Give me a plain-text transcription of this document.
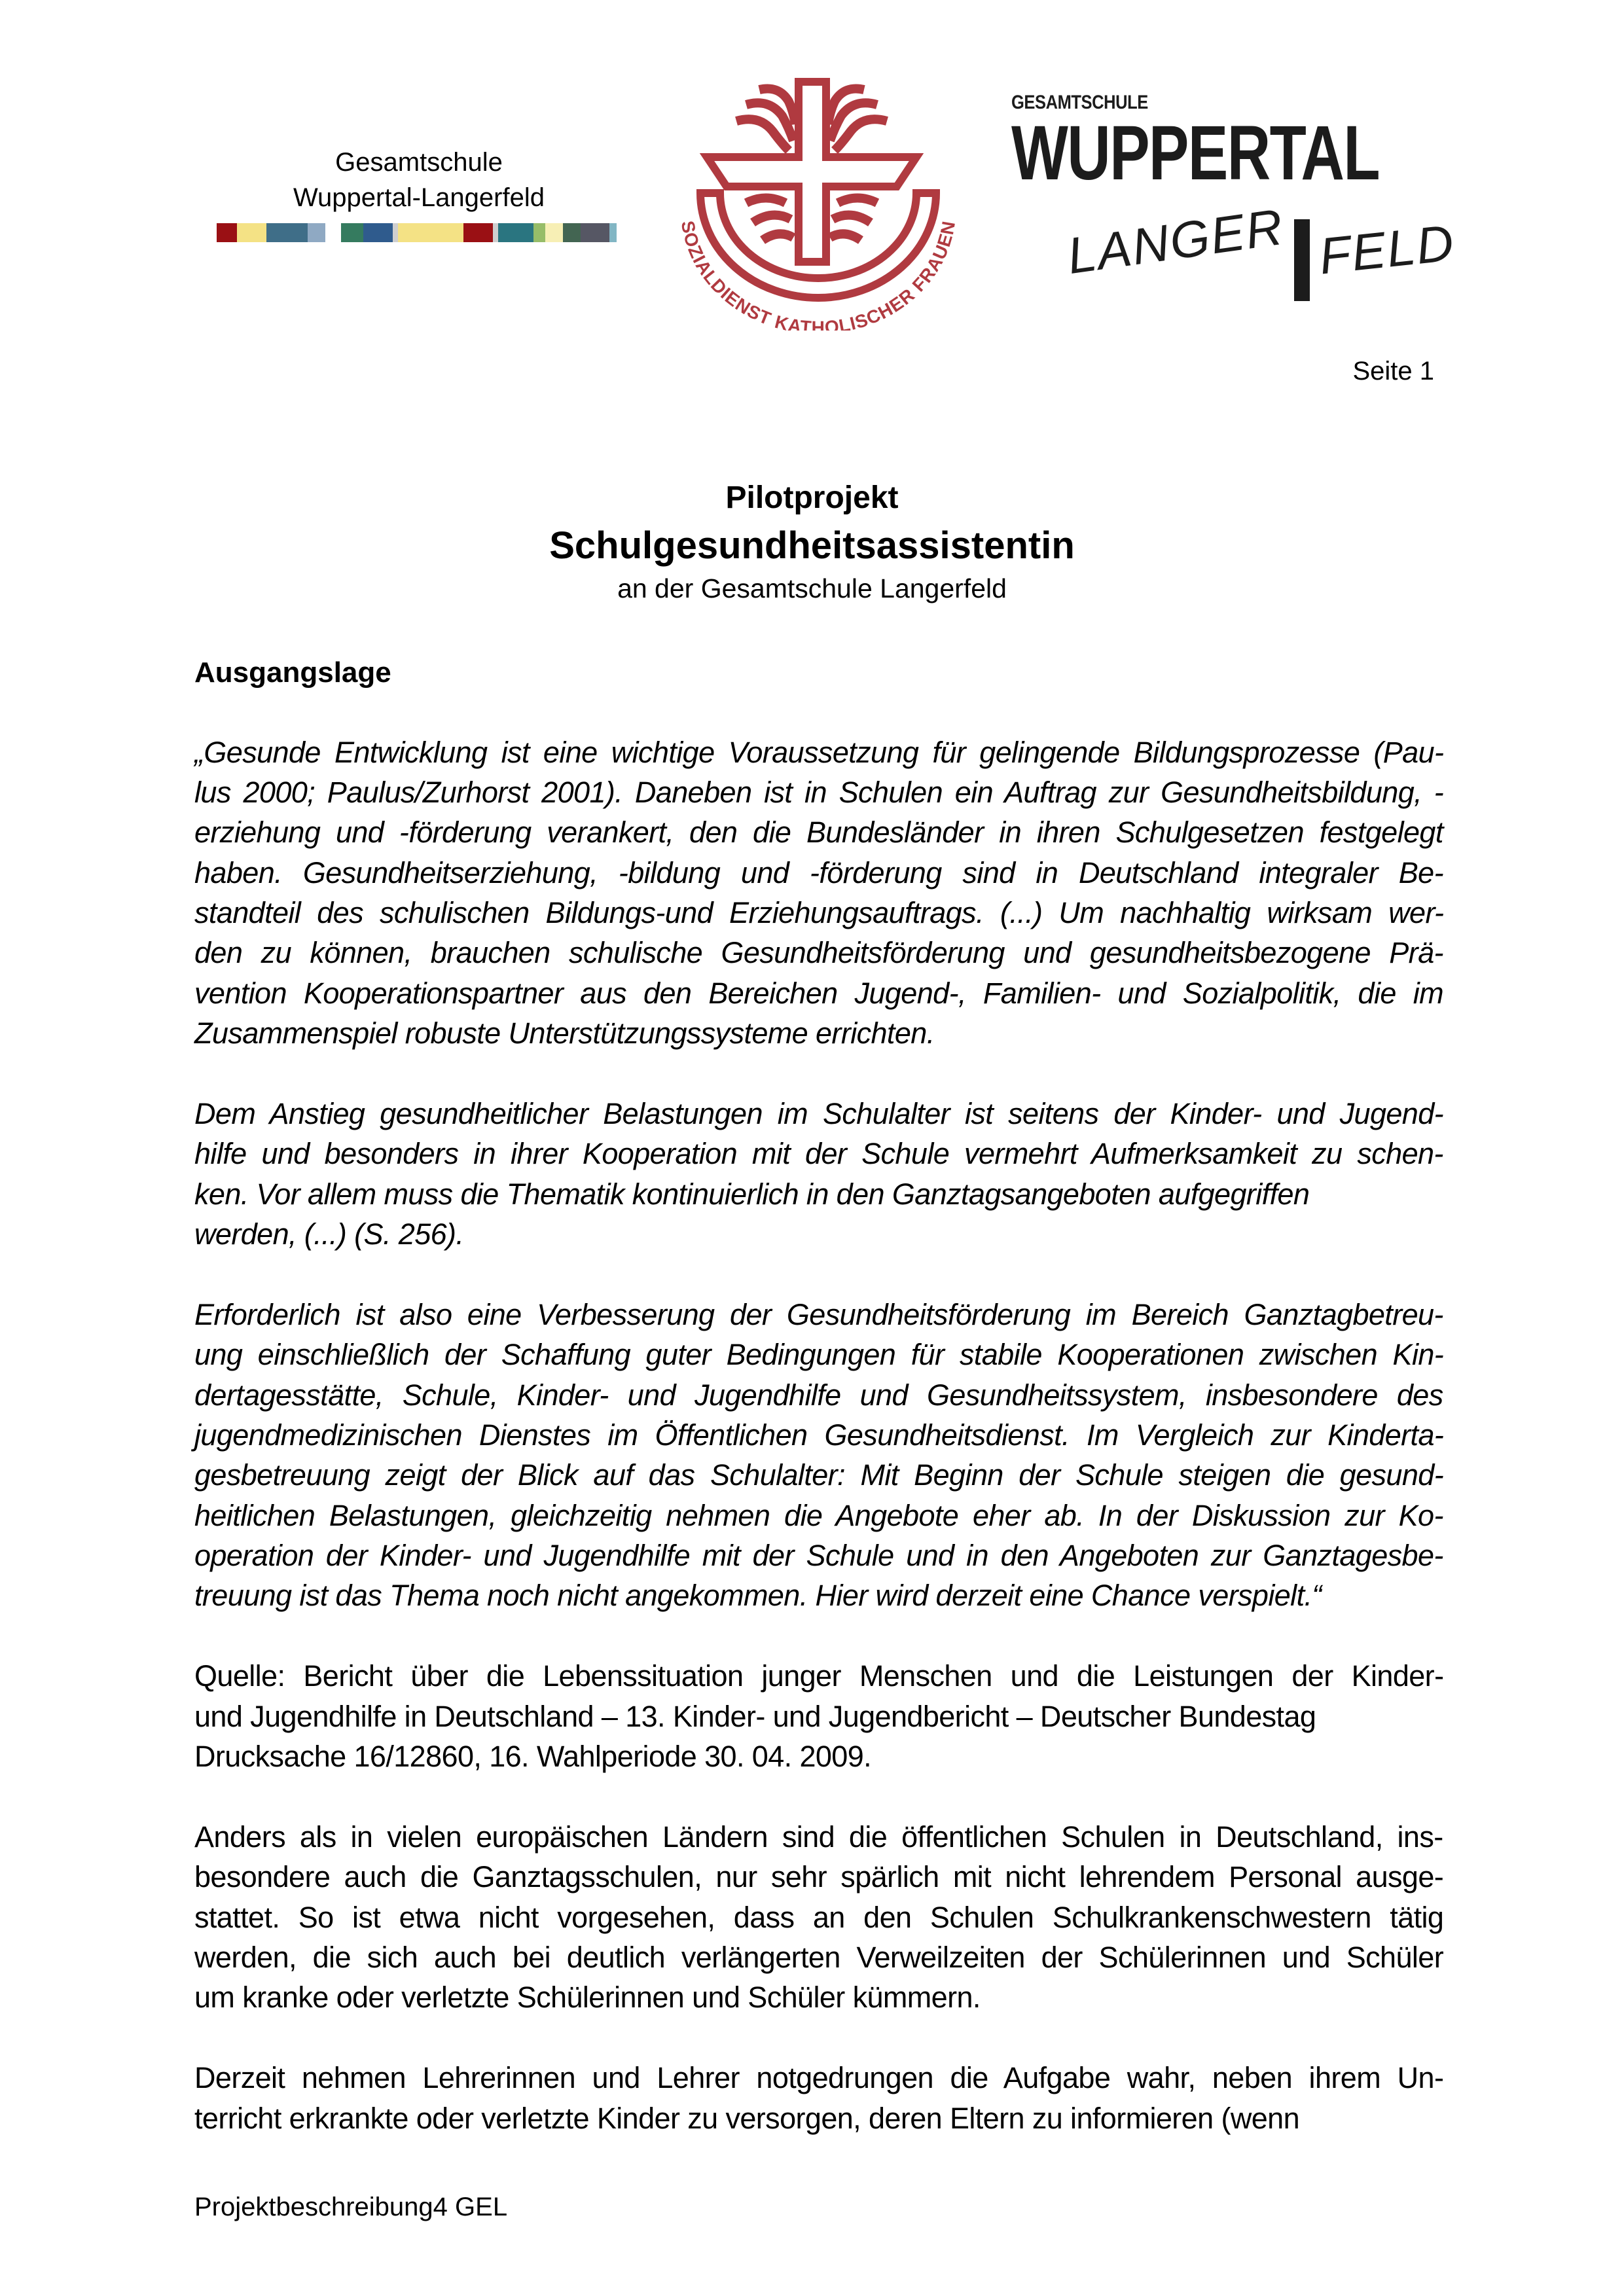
Gesamtschule
Wuppertal-Langerfeld
SOZIALDIENST KATHOLISCHER FRAUEN
GESAMTSCHULE
WUPPERTAL
LANGER FELD
Seite 1
Pilotprojekt
Schulgesundheitsassistentin
an der Gesamtschule Langerfeld
Ausgangslage
„Gesunde Entwicklung ist eine wichtige Voraussetzung für gelingende Bildungsprozesse (Pau-
lus 2000; Paulus/Zurhorst 2001). Daneben ist in Schulen ein Auftrag zur Gesundheitsbildung, -
erziehung und -förderung verankert, den die Bundesländer in ihren Schulgesetzen festgelegt
haben. Gesundheitserziehung, -bildung und -förderung sind in Deutschland integraler Be-
standteil des schulischen Bildungs-und Erziehungsauftrags. (...) Um nachhaltig wirksam wer-
den zu können, brauchen schulische Gesundheitsförderung und gesundheitsbezogene Prä-
vention Kooperationspartner aus den Bereichen Jugend-, Familien- und Sozialpolitik, die im
Zusammenspiel robuste Unterstützungssysteme errichten.
Dem Anstieg gesundheitlicher Belastungen im Schulalter ist seitens der Kinder- und Jugend-
hilfe und besonders in ihrer Kooperation mit der Schule vermehrt Aufmerksamkeit zu schen-
ken. Vor allem muss die Thematik kontinuierlich in den Ganztagsangeboten aufgegriffen
werden, (...) (S. 256).
Erforderlich ist also eine Verbesserung der Gesundheitsförderung im Bereich Ganztagbetreu-
ung einschließlich der Schaffung guter Bedingungen für stabile Kooperationen zwischen Kin-
dertagesstätte, Schule, Kinder- und Jugendhilfe und Gesundheitssystem, insbesondere des
jugendmedizinischen Dienstes im Öffentlichen Gesundheitsdienst. Im Vergleich zur Kinderta-
gesbetreuung zeigt der Blick auf das Schulalter: Mit Beginn der Schule steigen die gesund-
heitlichen Belastungen, gleichzeitig nehmen die Angebote eher ab. In der Diskussion zur Ko-
operation der Kinder- und Jugendhilfe mit der Schule und in den Angeboten zur Ganztagesbe-
treuung ist das Thema noch nicht angekommen. Hier wird derzeit eine Chance verspielt.“
Quelle: Bericht über die Lebenssituation junger Menschen und die Leistungen der Kinder-
und Jugendhilfe in Deutschland – 13. Kinder- und Jugendbericht – Deutscher Bundestag
Drucksache 16/12860, 16. Wahlperiode 30. 04. 2009.
Anders als in vielen europäischen Ländern sind die öffentlichen Schulen in Deutschland, ins-
besondere auch die Ganztagsschulen, nur sehr spärlich mit nicht lehrendem Personal ausge-
stattet. So ist etwa nicht vorgesehen, dass an den Schulen Schulkrankenschwestern tätig
werden, die sich auch bei deutlich verlängerten Verweilzeiten der Schülerinnen und Schüler
um kranke oder verletzte Schülerinnen und Schüler kümmern.
Derzeit nehmen Lehrerinnen und Lehrer notgedrungen die Aufgabe wahr, neben ihrem Un-
terricht erkrankte oder verletzte Kinder zu versorgen, deren Eltern zu informieren (wenn
Projektbeschreibung4 GEL
